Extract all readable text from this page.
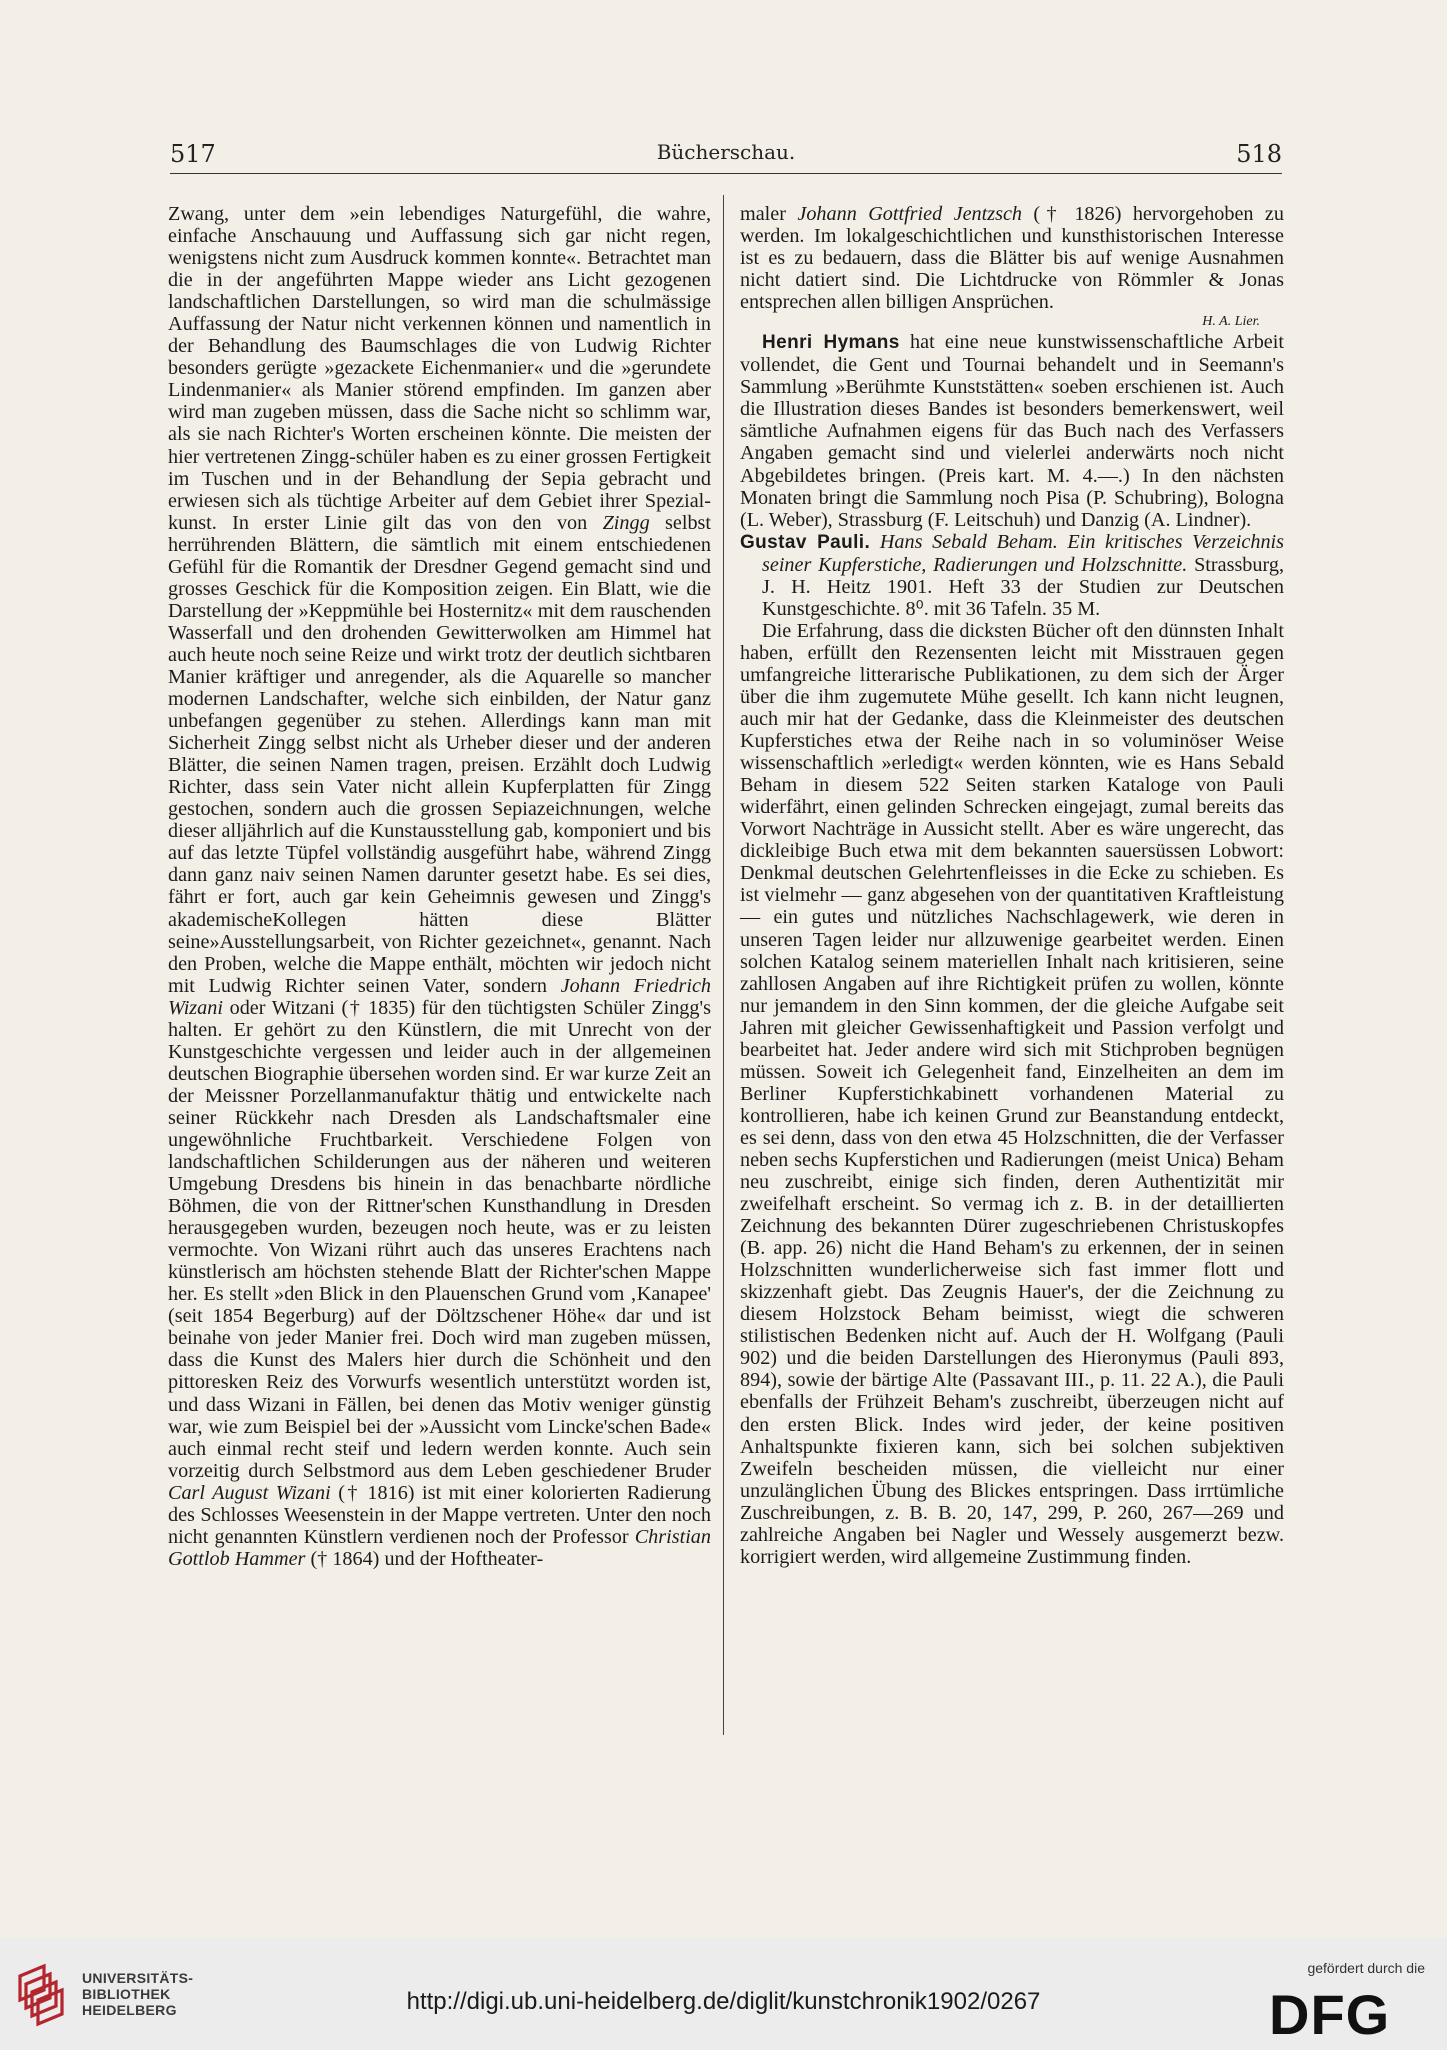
517	Bücherschau.	518

Zwang, unter dem »ein lebendiges Naturgefühl, die wahre, einfache Anschauung und Auffassung sich gar nicht regen, wenigstens nicht zum Ausdruck kommen konnte«. Betrachtet man die in der angeführten Mappe wieder ans Licht gezogenen landschaftlichen Darstellungen, so wird man die schulmässige Auffassung der Natur nicht verkennen können und namentlich in der Behandlung des Baumschlages die von Ludwig Richter besonders gerügte »gezackete Eichenmanier« und die »gerundete Lindenmanier« als Manier störend empfinden. Im ganzen aber wird man zugeben müssen, dass die Sache nicht so schlimm war, als sie nach Richter's Worten erscheinen könnte. Die meisten der hier vertretenen Zingg-schüler haben es zu einer grossen Fertigkeit im Tuschen und in der Behandlung der Sepia gebracht und erwiesen sich als tüchtige Arbeiter auf dem Gebiet ihrer Spezial-kunst. In erster Linie gilt das von den von Zingg selbst herrührenden Blättern, die sämtlich mit einem entschiedenen Gefühl für die Romantik der Dresdner Gegend gemacht sind und grosses Geschick für die Komposition zeigen. Ein Blatt, wie die Darstellung der »Keppmühle bei Hosternitz« mit dem rauschenden Wasserfall und den drohenden Gewitterwolken am Himmel hat auch heute noch seine Reize und wirkt trotz der deutlich sichtbaren Manier kräftiger und anregender, als die Aquarelle so mancher modernen Landschafter, welche sich einbilden, der Natur ganz unbefangen gegenüber zu stehen. Allerdings kann man mit Sicherheit Zingg selbst nicht als Urheber dieser und der anderen Blätter, die seinen Namen tragen, preisen. Erzählt doch Ludwig Richter, dass sein Vater nicht allein Kupferplatten für Zingg gestochen, sondern auch die grossen Sepiazeichnungen, welche dieser alljährlich auf die Kunstausstellung gab, komponiert und bis auf das letzte Tüpfel vollständig ausgeführt habe, während Zingg dann ganz naiv seinen Namen darunter gesetzt habe. Es sei dies, fährt er fort, auch gar kein Geheimnis gewesen und Zingg's akademischeKollegen hätten diese Blätter seine»Ausstellungsarbeit, von Richter gezeichnet«, genannt. Nach den Proben, welche die Mappe enthält, möchten wir jedoch nicht mit Ludwig Richter seinen Vater, sondern Johann Friedrich Wizani oder Witzani († 1835) für den tüchtigsten Schüler Zingg's halten. Er gehört zu den Künstlern, die mit Unrecht von der Kunstgeschichte vergessen und leider auch in der allgemeinen deutschen Biographie übersehen worden sind. Er war kurze Zeit an der Meissner Porzellanmanufaktur thätig und entwickelte nach seiner Rückkehr nach Dresden als Landschaftsmaler eine ungewöhnliche Fruchtbarkeit. Verschiedene Folgen von landschaftlichen Schilderungen aus der näheren und weiteren Umgebung Dresdens bis hinein in das benachbarte nördliche Böhmen, die von der Rittner'schen Kunsthandlung in Dresden herausgegeben wurden, bezeugen noch heute, was er zu leisten vermochte. Von Wizani rührt auch das unseres Erachtens nach künstlerisch am höchsten stehende Blatt der Richter'schen Mappe her. Es stellt »den Blick in den Plauenschen Grund vom ‚Kanapee' (seit 1854 Begerburg) auf der Döltzschener Höhe« dar und ist beinahe von jeder Manier frei. Doch wird man zugeben müssen, dass die Kunst des Malers hier durch die Schönheit und den pittoresken Reiz des Vorwurfs wesentlich unterstützt worden ist, und dass Wizani in Fällen, bei denen das Motiv weniger günstig war, wie zum Beispiel bei der »Aussicht vom Lincke'schen Bade« auch einmal recht steif und ledern werden konnte. Auch sein vorzeitig durch Selbstmord aus dem Leben geschiedener Bruder Carl August Wizani († 1816) ist mit einer kolorierten Radierung des Schlosses Weesenstein in der Mappe vertreten. Unter den noch nicht genannten Künstlern verdienen noch der Professor Christian Gottlob Hammer († 1864) und der Hoftheater-

maler Johann Gottfried Jentzsch († 1826) hervorgehoben zu werden. Im lokalgeschichtlichen und kunsthistorischen Interesse ist es zu bedauern, dass die Blätter bis auf wenige Ausnahmen nicht datiert sind. Die Lichtdrucke von Römmler & Jonas entsprechen allen billigen Ansprüchen.

H. A. Lier.

Henri Hymans hat eine neue kunstwissenschaftliche Arbeit vollendet, die Gent und Tournai behandelt und in Seemann's Sammlung »Berühmte Kunststätten« soeben erschienen ist. Auch die Illustration dieses Bandes ist besonders bemerkenswert, weil sämtliche Aufnahmen eigens für das Buch nach des Verfassers Angaben gemacht sind und vielerlei anderwärts noch nicht Abgebildetes bringen. (Preis kart. M. 4.—.) In den nächsten Monaten bringt die Sammlung noch Pisa (P. Schubring), Bologna (L. Weber), Strassburg (F. Leitschuh) und Danzig (A. Lindner).

Gustav Pauli. Hans Sebald Beham. Ein kritisches Verzeichnis seiner Kupferstiche, Radierungen und Holzschnitte. Strassburg, J. H. Heitz 1901. Heft 33 der Studien zur Deutschen Kunstgeschichte. 8⁰. mit 36 Tafeln. 35 M.

Die Erfahrung, dass die dicksten Bücher oft den dünnsten Inhalt haben, erfüllt den Rezensenten leicht mit Misstrauen gegen umfangreiche litterarische Publikationen, zu dem sich der Ärger über die ihm zugemutete Mühe gesellt. Ich kann nicht leugnen, auch mir hat der Gedanke, dass die Kleinmeister des deutschen Kupferstiches etwa der Reihe nach in so voluminöser Weise wissenschaftlich »erledigt« werden könnten, wie es Hans Sebald Beham in diesem 522 Seiten starken Kataloge von Pauli widerfährt, einen gelinden Schrecken eingejagt, zumal bereits das Vorwort Nachträge in Aussicht stellt. Aber es wäre ungerecht, das dickleibige Buch etwa mit dem bekannten sauersüssen Lobwort: Denkmal deutschen Gelehrtenfleisses in die Ecke zu schieben. Es ist vielmehr — ganz abgesehen von der quantitativen Kraftleistung — ein gutes und nützliches Nachschlagewerk, wie deren in unseren Tagen leider nur allzuwenige gearbeitet werden. Einen solchen Katalog seinem materiellen Inhalt nach kritisieren, seine zahllosen Angaben auf ihre Richtigkeit prüfen zu wollen, könnte nur jemandem in den Sinn kommen, der die gleiche Aufgabe seit Jahren mit gleicher Gewissenhaftigkeit und Passion verfolgt und bearbeitet hat. Jeder andere wird sich mit Stichproben begnügen müssen. Soweit ich Gelegenheit fand, Einzelheiten an dem im Berliner Kupferstichkabinett vorhandenen Material zu kontrollieren, habe ich keinen Grund zur Beanstandung entdeckt, es sei denn, dass von den etwa 45 Holzschnitten, die der Verfasser neben sechs Kupferstichen und Radierungen (meist Unica) Beham neu zuschreibt, einige sich finden, deren Authentizität mir zweifelhaft erscheint. So vermag ich z. B. in der detaillierten Zeichnung des bekannten Dürer zugeschriebenen Christuskopfes (B. app. 26) nicht die Hand Beham's zu erkennen, der in seinen Holzschnitten wunderlicherweise sich fast immer flott und skizzenhaft giebt. Das Zeugnis Hauer's, der die Zeichnung zu diesem Holzstock Beham beimisst, wiegt die schweren stilistischen Bedenken nicht auf. Auch der H. Wolfgang (Pauli 902) und die beiden Darstellungen des Hieronymus (Pauli 893, 894), sowie der bärtige Alte (Passavant III., p. 11. 22 A.), die Pauli ebenfalls der Frühzeit Beham's zuschreibt, überzeugen nicht auf den ersten Blick. Indes wird jeder, der keine positiven Anhaltspunkte fixieren kann, sich bei solchen subjektiven Zweifeln bescheiden müssen, die vielleicht nur einer unzulänglichen Übung des Blickes entspringen. Dass irrtümliche Zuschreibungen, z. B. B. 20, 147, 299, P. 260, 267—269 und zahlreiche Angaben bei Nagler und Wessely ausgemerzt bezw. korrigiert werden, wird allgemeine Zustimmung finden.

UNIVERSITÄTS-
BIBLIOTHEK
HEIDELBERG	http://digi.ub.uni-heidelberg.de/diglit/kunstchronik1902/0267
gefördert durch die
DFG
